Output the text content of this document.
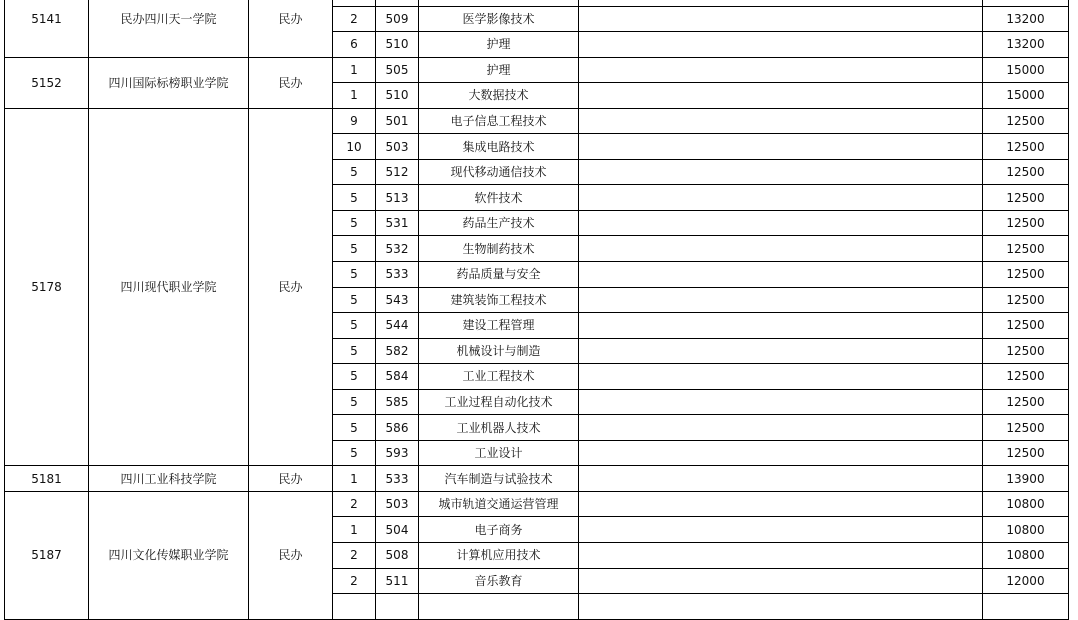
5141	民办四川天一学院	民办					
			2	509	医学影像技术		13200
			6	510	护理		13200
5152	四川国际标榜职业学院	民办	1	505	护理		15000
			1	510	大数据技术		15000
5178	四川现代职业学院	民办	9	501	电子信息工程技术		12500
			10	503	集成电路技术		12500
			5	512	现代移动通信技术		12500
			5	513	软件技术		12500
			5	531	药品生产技术		12500
			5	532	生物制药技术		12500
			5	533	药品质量与安全		12500
			5	543	建筑装饰工程技术		12500
			5	544	建设工程管理		12500
			5	582	机械设计与制造		12500
			5	584	工业工程技术		12500
			5	585	工业过程自动化技术		12500
			5	586	工业机器人技术		12500
			5	593	工业设计		12500
5181	四川工业科技学院	民办	1	533	汽车制造与试验技术		13900
5187	四川文化传媒职业学院	民办	2	503	城市轨道交通运营管理		10800
			1	504	电子商务		10800
			2	508	计算机应用技术		10800
			2	511	音乐教育		12000
